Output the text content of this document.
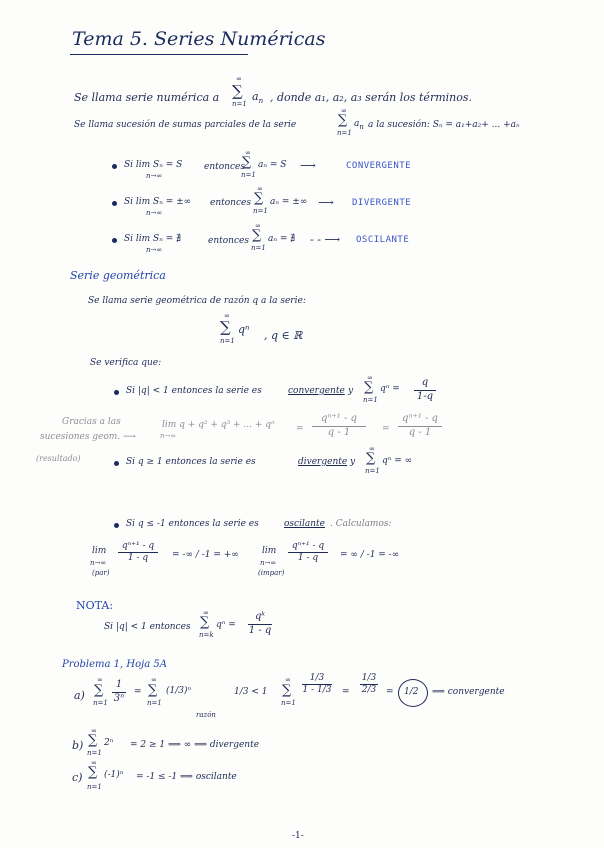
Tema 5. Series Numéricas
Se llama serie numérica a ∑
∞
n=1
$a_n$ , donde a₁, a₂, a₃ serán los términos.
Se llama sucesión de sumas parciales de la serie	∑
∞
n=1
$a_n$ a la sucesión: Sₙ = a₁+a₂+ ... +aₙ
Si lim Sₙ = S
n→∞
entonces
∑
∞
n=1
aₙ = S ⟶	CONVERGENTE
Si lim Sₙ = ±∞
n→∞
entonces ∑
∞
n=1
aₙ = ±∞ ⟶ DIVERGENTE
Si lim Sₙ = ∄
n→∞
entonces ∑
∞
n=1
aₙ = ∄ - - ⟶ OSCILANTE
Serie geométrica
Se llama serie geométrica de razón q a la serie:
∑
∞
n=1
qⁿ , q ∈ ℝ
Se verifica que:
Si |q| < 1 entonces la serie es	convergente y ∑
∞
n=1
qⁿ =
q
1-q
Gracias a las
sucesiones geom. ⟶
(resultado)
lim q + q² + q³ + ... + qⁿ
n→∞
=
qⁿ⁺¹ - q
q - 1	=
qⁿ⁺¹ - q
q - 1
Si q ≥ 1 entonces la serie es	divergente y ∑
∞
n=1
qⁿ = ∞
Si q ≤ -1 entonces la serie es	oscilante . Calculamos:
lim
n→∞
(par)
qⁿ⁺¹ - q
1 - q	= -∞ / -1 = +∞	lim
n→∞
(impar)
qⁿ⁺¹ - q
1 - q = ∞ / -1 = -∞
NOTA:
Si |q| < 1 entonces ∑
∞
n=k
qⁿ =
qᵏ
1 - q
Problema 1, Hoja 5A
a) ∑
∞
n=1
1
3ⁿ
= ∑
∞
n=1
(1/3)ⁿ
razón
1/3 < 1 ∑
∞
n=1
1/3
1 - 1/3 =
1/3
2/3 = 1/2 ⟹ convergente
b) ∑
∞
n=1
2ⁿ = 2 ≥ 1 ⟹ ∞ ⟹ divergente
c) ∑
∞
n=1
(-1)ⁿ = -1 ≤ -1 ⟹ oscilante
-1-
